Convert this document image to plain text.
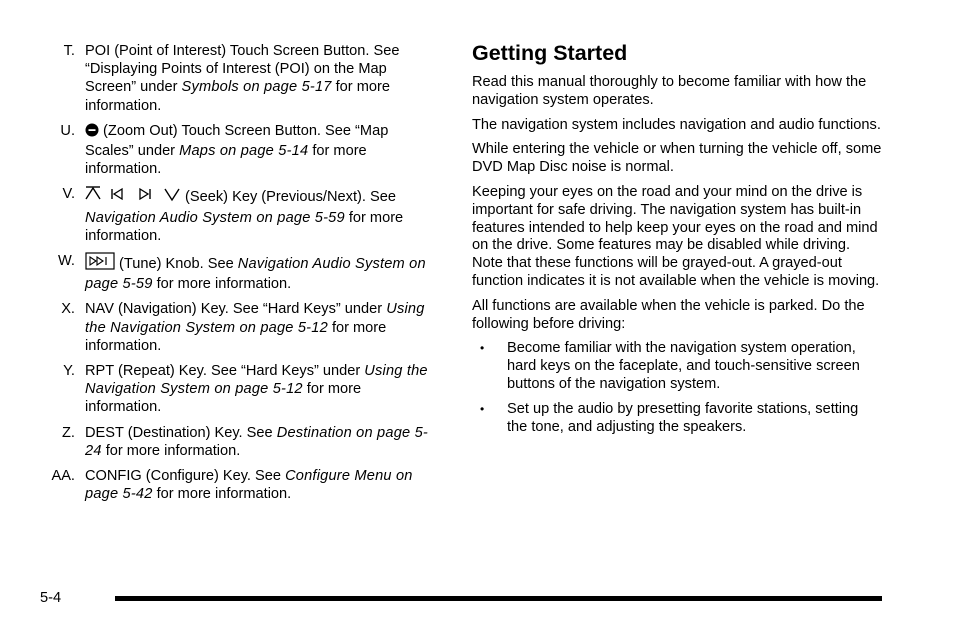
T. POI (Point of Interest) Touch Screen Button. See “Displaying Points of Interest (POI) on the Map Screen” under Symbols on page 5-17 for more information.
U.	(Zoom Out) Touch Screen Button. See “Map Scales” under Maps on page 5-14 for more information.
V.	(Seek) Key (Previous/Next). See Navigation Audio System on page 5-59 for more information.
W.	(Tune) Knob. See Navigation Audio System on page 5-59 for more information.
X. NAV (Navigation) Key. See “Hard Keys” under Using the Navigation System on page 5-12 for more information.
Y. RPT (Repeat) Key. See “Hard Keys” under Using the Navigation System on page 5-12 for more information.
Z. DEST (Destination) Key. See Destination on page 5-24 for more information.
AA. CONFIG (Configure) Key. See Configure Menu on page 5-42 for more information.
Getting Started

Read this manual thoroughly to become familiar with how the navigation system operates.

The navigation system includes navigation and audio functions.

While entering the vehicle or when turning the vehicle off, some DVD Map Disc noise is normal.

Keeping your eyes on the road and your mind on the drive is important for safe driving. The navigation system has built-in features intended to help keep your eyes on the road and mind on the drive. Some features may be disabled while driving. Note that these functions will be grayed-out. A grayed-out function indicates it is not available when the vehicle is moving.

All functions are available when the vehicle is parked. Do the following before driving:

•	Become familiar with the navigation system operation, hard keys on the faceplate, and touch-sensitive screen buttons of the navigation system.
•	Set up the audio by presetting favorite stations, setting the tone, and adjusting the speakers.
5-4
